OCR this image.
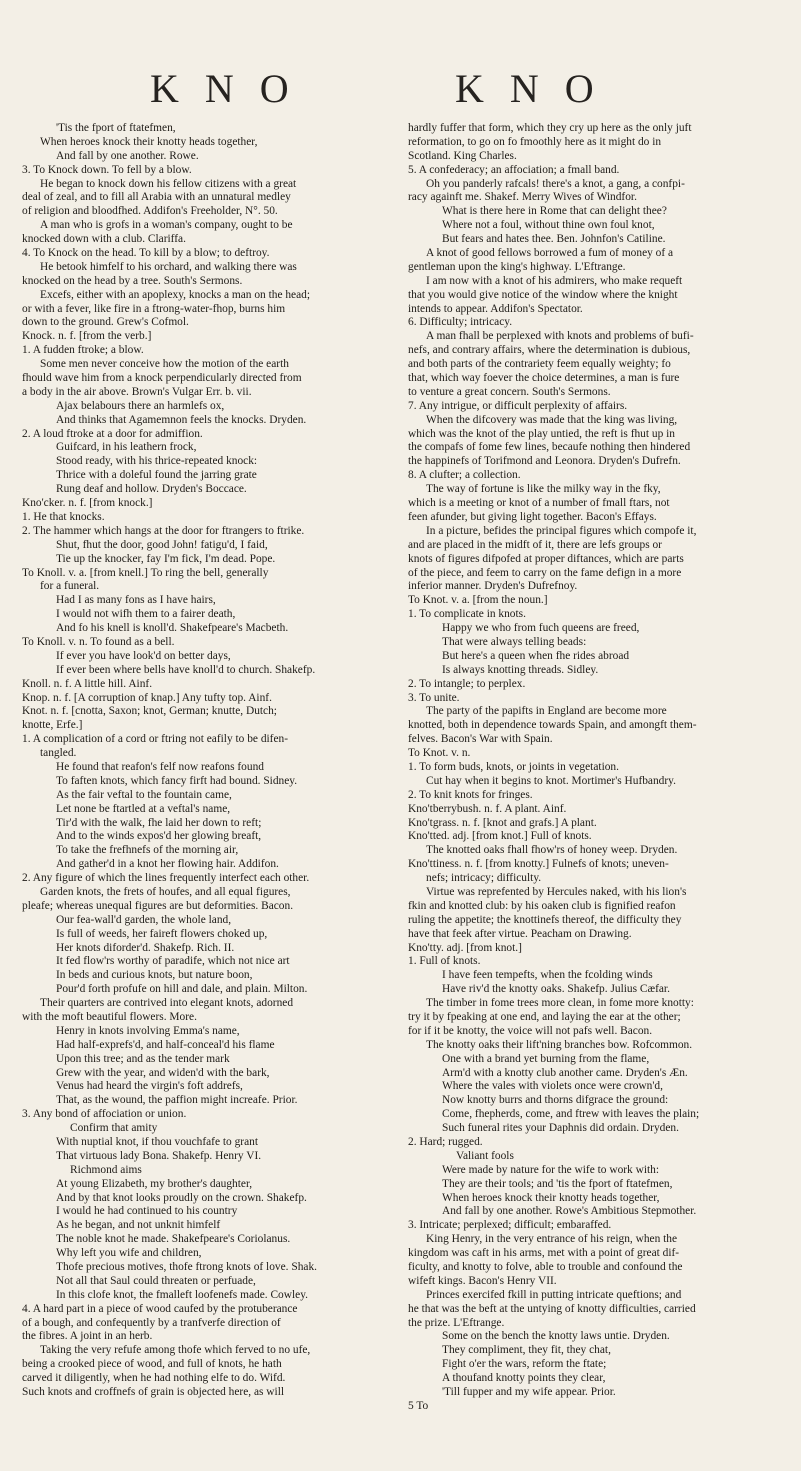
K N O	K N O
'Tis the fport of ftatefmen,
When heroes knock their knotty heads together,
And fall by one another. Rowe.
3. To Knock down. To fell by a blow.
He began to knock down his fellow citizens with a great
deal of zeal, and to fill all Arabia with an unnatural medley
of religion and bloodfhed. Addifon's Freeholder, N°. 50.
A man who is grofs in a woman's company, ought to be
knocked down with a club. Clariffa.
4. To Knock on the head. To kill by a blow; to deftroy.
He betook himfelf to his orchard, and walking there was
knocked on the head by a tree. South's Sermons.
Excefs, either with an apoplexy, knocks a man on the head;
or with a fever, like fire in a ftrong-water-fhop, burns him
down to the ground. Grew's Cofmol.
Knock. n. f. [from the verb.]
1. A fudden ftroke; a blow.
Some men never conceive how the motion of the earth
fhould wave him from a knock perpendicularly directed from
a body in the air above. Brown's Vulgar Err. b. vii.
Ajax belabours there an harmlefs ox,
And thinks that Agamemnon feels the knocks. Dryden.
2. A loud ftroke at a door for admiffion.
Guifcard, in his leathern frock,
Stood ready, with his thrice-repeated knock:
Thrice with a doleful found the jarring grate
Rung deaf and hollow. Dryden's Boccace.
Kno'cker. n. f. [from knock.]
1. He that knocks.
2. The hammer which hangs at the door for ftrangers to ftrike.
Shut, fhut the door, good John! fatigu'd, I faid,
Tie up the knocker, fay I'm fick, I'm dead. Pope.
To Knoll. v. a. [from knell.] To ring the bell, generally
for a funeral.
Had I as many fons as I have hairs,
I would not wifh them to a fairer death,
And fo his knell is knoll'd. Shakefpeare's Macbeth.
To Knoll. v. n. To found as a bell.
If ever you have look'd on better days,
If ever been where bells have knoll'd to church. Shakefp.
Knoll. n. f. A little hill. Ainf.
Knop. n. f. [A corruption of knap.] Any tufty top. Ainf.
Knot. n. f. [cnotta, Saxon; knot, German; knutte, Dutch;
knotte, Erfe.]
1. A complication of a cord or ftring not eafily to be difen-
tangled.
He found that reafon's felf now reafons found
To faften knots, which fancy firft had bound. Sidney.
As the fair veftal to the fountain came,
Let none be ftartled at a veftal's name,
Tir'd with the walk, fhe laid her down to reft;
And to the winds expos'd her glowing breaft,
To take the frefhnefs of the morning air,
And gather'd in a knot her flowing hair. Addifon.
2. Any figure of which the lines frequently interfect each other.
Garden knots, the frets of houfes, and all equal figures,
pleafe; whereas unequal figures are but deformities. Bacon.
Our fea-wall'd garden, the whole land,
Is full of weeds, her faireft flowers choked up,
Her knots diforder'd. Shakefp. Rich. II.
It fed flow'rs worthy of paradife, which not nice art
In beds and curious knots, but nature boon,
Pour'd forth profufe on hill and dale, and plain. Milton.
Their quarters are contrived into elegant knots, adorned
with the moft beautiful flowers. More.
Henry in knots involving Emma's name,
Had half-exprefs'd, and half-conceal'd his flame
Upon this tree; and as the tender mark
Grew with the year, and widen'd with the bark,
Venus had heard the virgin's foft addrefs,
That, as the wound, the paffion might increafe. Prior.
3. Any bond of affociation or union.
Confirm that amity
With nuptial knot, if thou vouchfafe to grant
That virtuous lady Bona. Shakefp. Henry VI.
Richmond aims
At young Elizabeth, my brother's daughter,
And by that knot looks proudly on the crown. Shakefp.
I would he had continued to his country
As he began, and not unknit himfelf
The noble knot he made. Shakefpeare's Coriolanus.
Why left you wife and children,
Thofe precious motives, thofe ftrong knots of love. Shak.
Not all that Saul could threaten or perfuade,
In this clofe knot, the fmalleft loofenefs made. Cowley.
4. A hard part in a piece of wood caufed by the protuberance
of a bough, and confequently by a tranfverfe direction of
the fibres. A joint in an herb.
Taking the very refufe among thofe which ferved to no ufe,
being a crooked piece of wood, and full of knots, he hath
carved it diligently, when he had nothing elfe to do. Wifd.
Such knots and croffnefs of grain is objected here, as will
hardly fuffer that form, which they cry up here as the only juft
reformation, to go on fo fmoothly here as it might do in
Scotland. King Charles.
5. A confederacy; an affociation; a fmall band.
Oh you panderly rafcals! there's a knot, a gang, a confpi-
racy againft me. Shakef. Merry Wives of Windfor.
What is there here in Rome that can delight thee?
Where not a foul, without thine own foul knot,
But fears and hates thee. Ben. Johnfon's Catiline.
A knot of good fellows borrowed a fum of money of a
gentleman upon the king's highway. L'Eftrange.
I am now with a knot of his admirers, who make requeft
that you would give notice of the window where the knight
intends to appear. Addifon's Spectator.
6. Difficulty; intricacy.
A man fhall be perplexed with knots and problems of bufi-
nefs, and contrary affairs, where the determination is dubious,
and both parts of the contrariety feem equally weighty; fo
that, which way foever the choice determines, a man is fure
to venture a great concern. South's Sermons.
7. Any intrigue, or difficult perplexity of affairs.
When the difcovery was made that the king was living,
which was the knot of the play untied, the reft is fhut up in
the compafs of fome few lines, becaufe nothing then hindered
the happinefs of Torifmond and Leonora. Dryden's Dufrefn.
8. A clufter; a collection.
The way of fortune is like the milky way in the fky,
which is a meeting or knot of a number of fmall ftars, not
feen afunder, but giving light together. Bacon's Effays.
In a picture, befides the principal figures which compofe it,
and are placed in the midft of it, there are lefs groups or
knots of figures difpofed at proper diftances, which are parts
of the piece, and feem to carry on the fame defign in a more
inferior manner. Dryden's Dufrefnoy.
To Knot. v. a. [from the noun.]
1. To complicate in knots.
Happy we who from fuch queens are freed,
That were always telling beads:
But here's a queen when fhe rides abroad
Is always knotting threads. Sidley.
2. To intangle; to perplex.
3. To unite.
The party of the papifts in England are become more
knotted, both in dependence towards Spain, and amongft them-
felves. Bacon's War with Spain.
To Knot. v. n.
1. To form buds, knots, or joints in vegetation.
Cut hay when it begins to knot. Mortimer's Hufbandry.
2. To knit knots for fringes.
Kno'tberrybush. n. f. A plant. Ainf.
Kno'tgrass. n. f. [knot and grafs.] A plant.
Kno'tted. adj. [from knot.] Full of knots.
The knotted oaks fhall fhow'rs of honey weep. Dryden.
Kno'ttiness. n. f. [from knotty.] Fulnefs of knots; uneven-
nefs; intricacy; difficulty.
Virtue was reprefented by Hercules naked, with his lion's
fkin and knotted club: by his oaken club is fignified reafon
ruling the appetite; the knottinefs thereof, the difficulty they
have that feek after virtue. Peacham on Drawing.
Kno'tty. adj. [from knot.]
1. Full of knots.
I have feen tempefts, when the fcolding winds
Have riv'd the knotty oaks. Shakefp. Julius Cæfar.
The timber in fome trees more clean, in fome more knotty:
try it by fpeaking at one end, and laying the ear at the other;
for if it be knotty, the voice will not pafs well. Bacon.
The knotty oaks their lift'ning branches bow. Rofcommon.
One with a brand yet burning from the flame,
Arm'd with a knotty club another came. Dryden's Æn.
Where the vales with violets once were crown'd,
Now knotty burrs and thorns difgrace the ground:
Come, fhepherds, come, and ftrew with leaves the plain;
Such funeral rites your Daphnis did ordain. Dryden.
2. Hard; rugged.
Valiant fools
Were made by nature for the wife to work with:
They are their tools; and 'tis the fport of ftatefmen,
When heroes knock their knotty heads together,
And fall by one another. Rowe's Ambitious Stepmother.
3. Intricate; perplexed; difficult; embaraffed.
King Henry, in the very entrance of his reign, when the
kingdom was caft in his arms, met with a point of great dif-
ficulty, and knotty to folve, able to trouble and confound the
wifeft kings. Bacon's Henry VII.
Princes exercifed fkill in putting intricate queftions; and
he that was the beft at the untying of knotty difficulties, carried
the prize. L'Eftrange.
Some on the bench the knotty laws untie. Dryden.
They compliment, they fit, they chat,
Fight o'er the wars, reform the ftate;
A thoufand knotty points they clear,
'Till fupper and my wife appear. Prior.
5 To
